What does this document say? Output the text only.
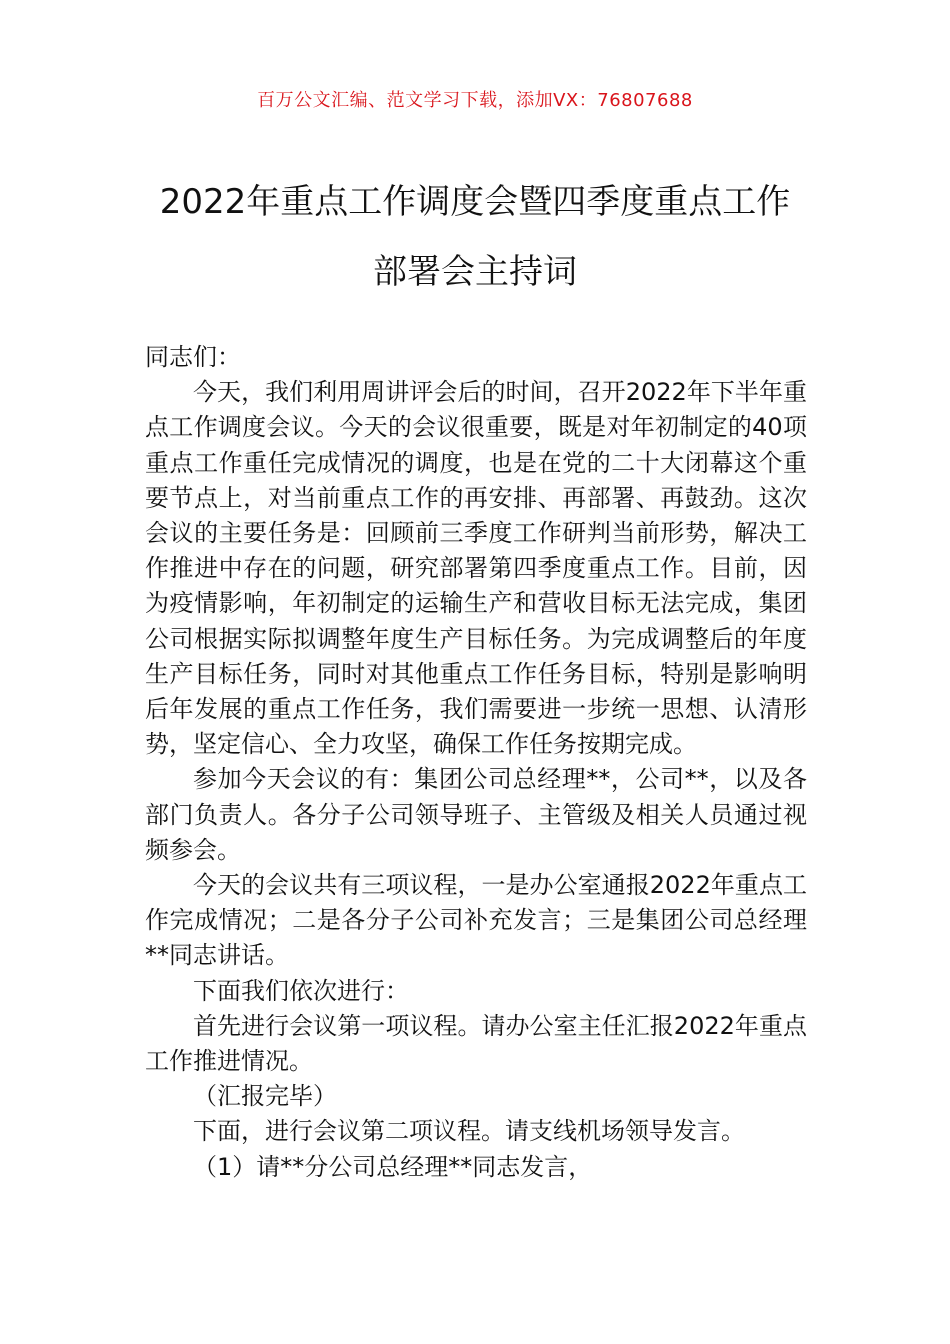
百万公文汇编、范文学习下载，添加VX：76807688
2022年重点工作调度会暨四季度重点工作
部署会主持词

同志们：

今天，我们利用周讲评会后的时间，召开2022年下半年重点工作调度会议。今天的会议很重要，既是对年初制定的40项重点工作重任完成情况的调度，也是在党的二十大闭幕这个重要节点上，对当前重点工作的再安排、再部署、再鼓劲。这次会议的主要任务是：回顾前三季度工作研判当前形势，解决工作推进中存在的问题，研究部署第四季度重点工作。目前，因为疫情影响，年初制定的运输生产和营收目标无法完成，集团公司根据实际拟调整年度生产目标任务。为完成调整后的年度生产目标任务，同时对其他重点工作任务目标，特别是影响明后年发展的重点工作任务，我们需要进一步统一思想、认清形势，坚定信心、全力攻坚，确保工作任务按期完成。

参加今天会议的有：集团公司总经理**，公司**，以及各部门负责人。各分子公司领导班子、主管级及相关人员通过视频参会。

今天的会议共有三项议程，一是办公室通报2022年重点工作完成情况；二是各分子公司补充发言；三是集团公司总经理**同志讲话。

下面我们依次进行：

首先进行会议第一项议程。请办公室主任汇报2022年重点工作推进情况。

（汇报完毕）

下面，进行会议第二项议程。请支线机场领导发言。

（1）请**分公司总经理**同志发言，
